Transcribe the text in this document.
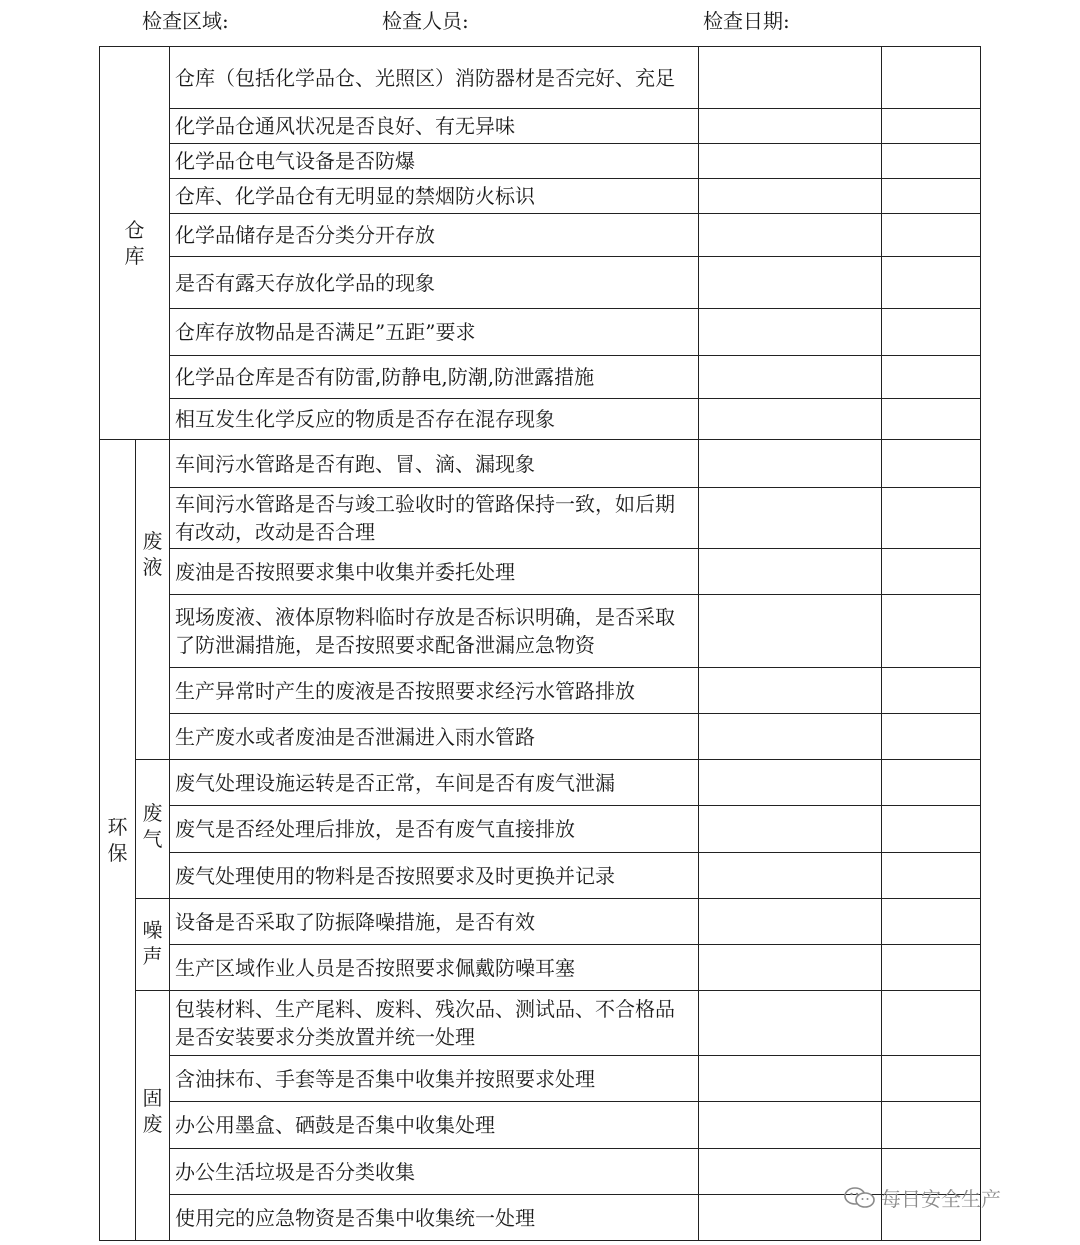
检查区域:	检查人员:	检查日期:
仓库		仓库（包括化学品仓、光照区）消防器材是否完好、充足		
		化学品仓通风状况是否良好、有无异味		
		化学品仓电气设备是否防爆		
		仓库、化学品仓有无明显的禁烟防火标识		
		化学品储存是否分类分开存放		
		是否有露天存放化学品的现象		
		仓库存放物品是否满足”五距”要求		
		化学品仓库是否有防雷,防静电,防潮,防泄露措施		
		相互发生化学反应的物质是否存在混存现象		
环保	废液	车间污水管路是否有跑、冒、滴、漏现象		
		车间污水管路是否与竣工验收时的管路保持一致，如后期有改动，改动是否合理		
		废油是否按照要求集中收集并委托处理		
		现场废液、液体原物料临时存放是否标识明确，是否采取了防泄漏措施，是否按照要求配备泄漏应急物资		
		生产异常时产生的废液是否按照要求经污水管路排放		
		生产废水或者废油是否泄漏进入雨水管路		
	废气	废气处理设施运转是否正常，车间是否有废气泄漏		
		废气是否经处理后排放，是否有废气直接排放		
		废气处理使用的物料是否按照要求及时更换并记录		
	噪声	设备是否采取了防振降噪措施，是否有效		
		生产区域作业人员是否按照要求佩戴防噪耳塞		
	固废	包装材料、生产尾料、废料、残次品、测试品、不合格品是否安装要求分类放置并统一处理		
		含油抹布、手套等是否集中收集并按照要求处理		
		办公用墨盒、硒鼓是否集中收集处理		
		办公生活垃圾是否分类收集		
		使用完的应急物资是否集中收集统一处理		
每日安全生产
